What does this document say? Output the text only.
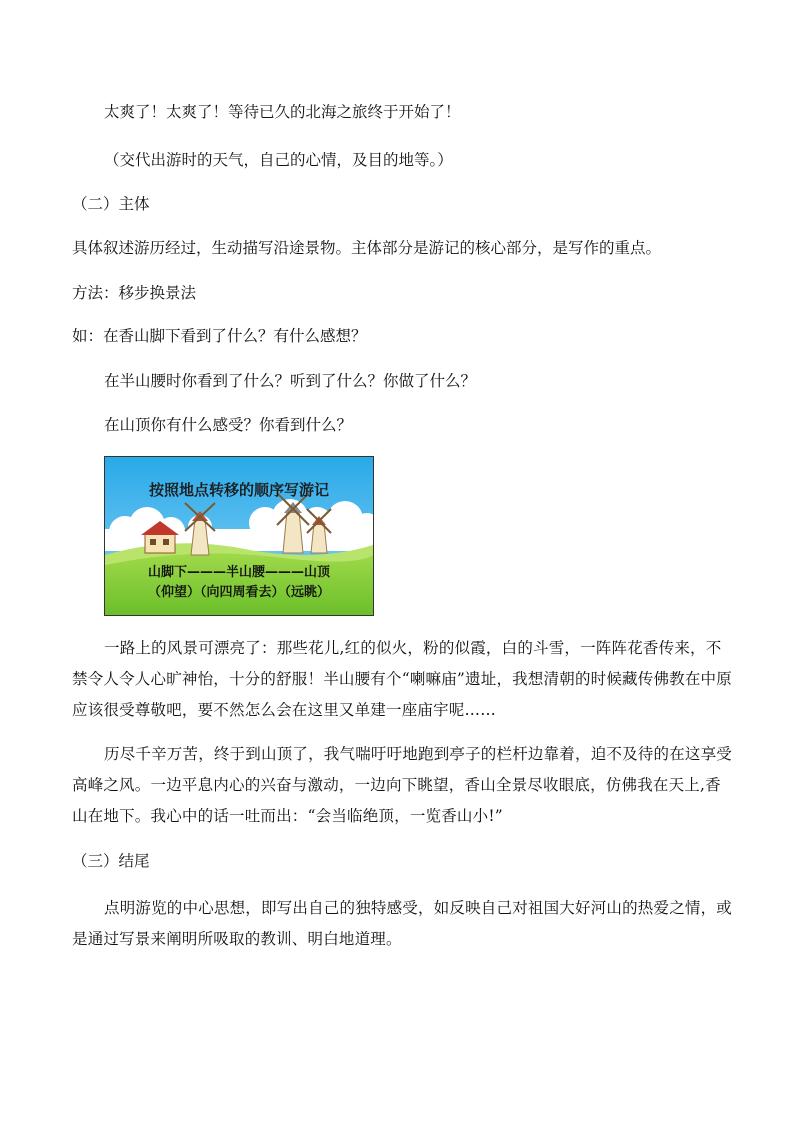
太爽了！太爽了！等待已久的北海之旅终于开始了！
（交代出游时的天气，自己的心情，及目的地等。）
（二）主体
具体叙述游历经过，生动描写沿途景物。主体部分是游记的核心部分，是写作的重点。
方法：移步换景法
如：在香山脚下看到了什么？有什么感想？
在半山腰时你看到了什么？听到了什么？你做了什么？
在山顶你有什么感受？你看到什么？
按照地点转移的顺序写游记
山脚下———半山腰———山顶
（仰望）（向四周看去）（远眺）
一路上的风景可漂亮了：那些花儿,红的似火，粉的似霞，白的斗雪，一阵阵花香传来，不禁令人令人心旷神怡，十分的舒服！半山腰有个“喇嘛庙”遗址，我想清朝的时候藏传佛教在中原应该很受尊敬吧，要不然怎么会在这里又单建一座庙宇呢……
历尽千辛万苦，终于到山顶了，我气喘吁吁地跑到亭子的栏杆边靠着，迫不及待的在这享受高峰之风。一边平息内心的兴奋与激动，一边向下眺望，香山全景尽收眼底，仿佛我在天上,香山在地下。我心中的话一吐而出：“会当临绝顶，一览香山小!”
（三）结尾
点明游览的中心思想，即写出自己的独特感受，如反映自己对祖国大好河山的热爱之情，或是通过写景来阐明所吸取的教训、明白地道理。
